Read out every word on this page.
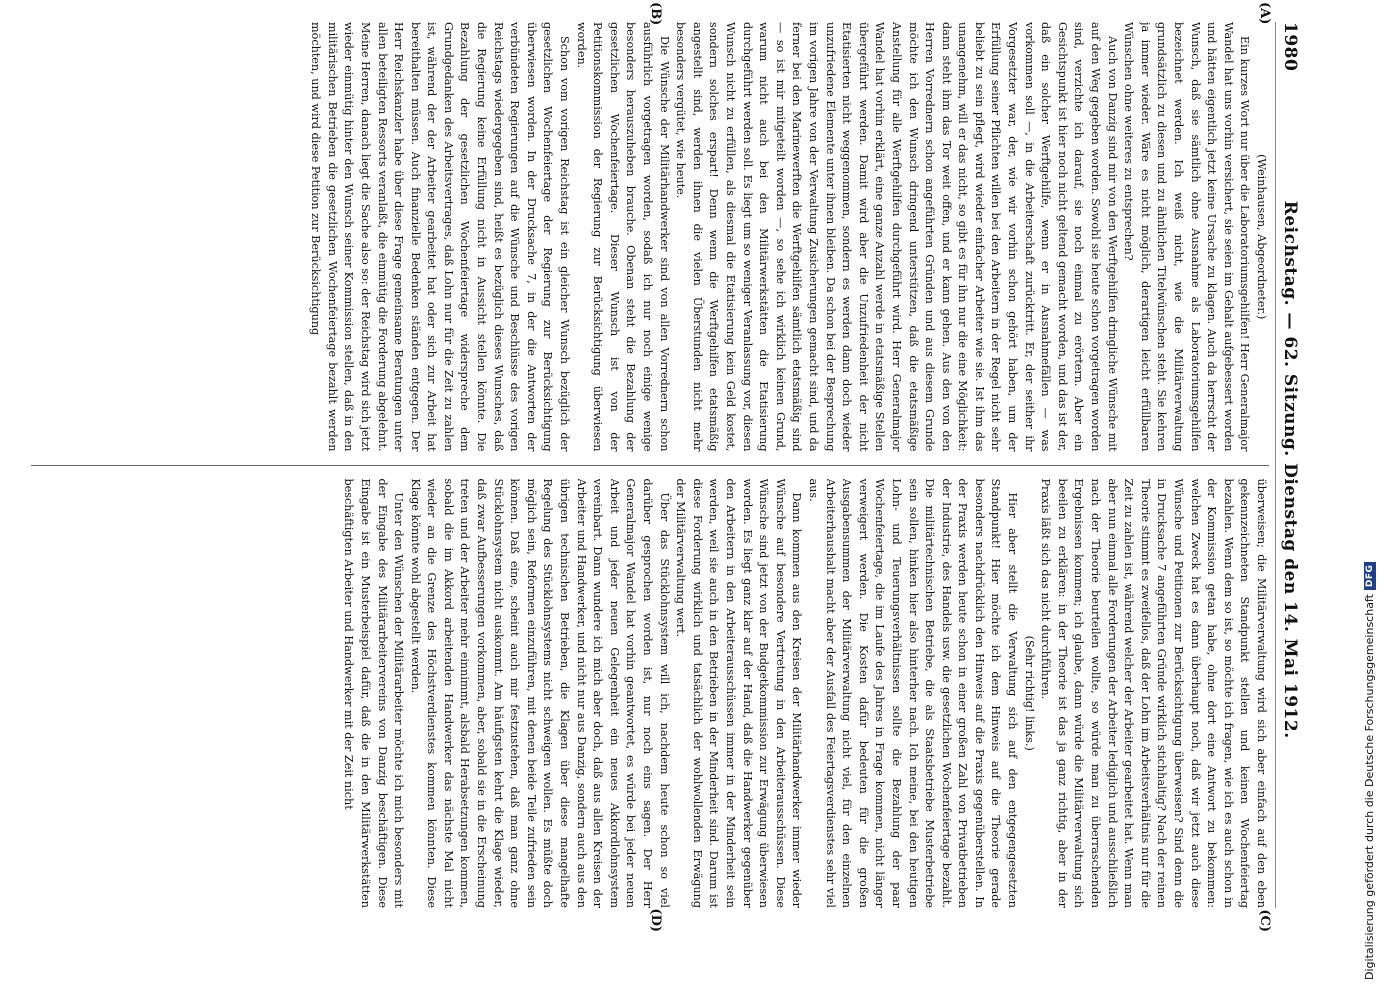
1980
Reichstag. — 62. Sitzung. Dienstag den 14. Mai 1912.

(Weinhausen, Abgeordneter.)

Ein kurzes Wort nur über die Laboratoriumsgehilfen! Herr Generalmajor Wandel hat uns vorhin versichert, sie seien im Gehalt aufgebessert worden und hätten eigentlich jetzt keine Ursache zu klagen. Auch da herrscht der Wunsch, daß sie sämtlich ohne Ausnahme als Laboratoriumsgehilfen bezeichnet werden. Ich weiß nicht, wie die Militärverwaltung grundsätzlich zu diesen und zu ähnlichen Titelwünschen steht. Sie kehren ja immer wieder. Wäre es nicht möglich, derartigen leicht erfüllbaren Wünschen ohne weiteres zu entsprechen?

Auch von Danzig sind mir von den Werftgehilfen dringliche Wünsche mit auf den Weg gegeben worden. Sowohl sie heute schon vorgetragen worden sind, verzichte ich darauf, sie noch einmal zu erörtern. Aber ein Gesichtspunkt ist hier noch nicht geltend gemacht worden, und das ist der, daß ein solcher Werftgehilfe, wenn er in Ausnahmefällen — was vorkommen soll —, in die Arbeiterschaft zurücktritt. Er, der seither ihr Vorgesetzter war, der, wie wir vorhin schon gehört haben, um der Erfüllung seiner Pflichten willen bei den Arbeitern in der Regel nicht sehr beliebt zu sein pflegt, wird wieder einfacher Arbeiter wie sie. Ist ihm das unangenehm, will er das nicht, so gibt es für ihn nur die eine Möglichkeit: dann steht ihm das Tor weit offen, und er kann gehen. Aus den von den Herren Vorrednern schon angeführten Gründen und aus diesem Grunde möchte ich den Wunsch dringend unterstützen, daß die etatsmäßige Anstellung für alle Werftgehilfen durchgeführt wird. Herr Generalmajor Wandel hat vorhin erklärt, eine ganze Anzahl werde in etatsmäßige Stellen übergeführt werden. Damit wird aber die Unzufriedenheit der nicht Etatisierten nicht weggenommen, sondern es werden dann doch wieder unzufriedene Elemente unter ihnen bleiben. Da schon bei der Besprechung im vorigen Jahre von der Verwaltung Zusicherungen gemacht sind, und da ferner bei den Marinewerften die Werftgehilfen sämtlich etatsmäßig sind — so ist mir mitgeteilt worden —, so sehe ich wirklich keinen Grund, warum nicht auch bei den Militärwerkstätten die Etatisierung durchgeführt werden soll. Es liegt um so weniger Veranlassung vor, diesen Wunsch nicht zu erfüllen, als diesmal die Etatisierung kein Geld kostet, sondern solches erspart! Denn wenn die Werftgehilfen etatsmäßig angestellt sind, werden ihnen die vielen Überstunden nicht mehr besonders vergütet, wie heute.

Die Wünsche der Militärhandwerker sind von allen Vorrednern schon ausführlich vorgetragen worden, sodaß ich nur noch einige wenige besonders herauszuheben brauche. Obenan steht die Bezahlung der gesetzlichen Wochenfeiertage. Dieser Wunsch ist von der Petitionskommission der Regierung zur Berücksichtigung überwiesen worden.

Schon vom vorigen Reichstag ist ein gleicher Wunsch bezüglich der gesetzlichen Wochenfeiertage der Regierung zur Berücksichtigung überwiesen worden. In der Drucksache 7, in der die Antworten der verbündeten Regierungen auf die Wünsche und Beschlüsse des vorigen Reichstags wiedergegeben sind, heißt es bezüglich dieses Wunsches, daß die Regierung keine Erfüllung nicht in Aussicht stellen könnte. Die Bezahlung der gesetzlichen Wochenfeiertage widerspreche dem Grundgedanken des Arbeitsvertrages, daß Lohn nur für die Zeit zu zahlen ist, während der der Arbeiter gearbeitet hat oder sich zur Arbeit hat bereithalten müssen. Auch finanzielle Bedenken ständen entgegen. Der Herr Reichskanzler habe über diese Frage gemeinsame Beratungen unter allen beteiligten Ressorts veranlaßt, die einmütig die Forderung abgelehnt. Meine Herren, danach liegt die Sache also so: der Reichstag wird sich jetzt wieder einmütig hinter den Wunsch seiner Kommission stellen, daß in den militärischen Betrieben die gesetzlichen Wochenfeiertage bezahlt werden möchten, und wird diese Petition zur Berücksichtigung

überweisen; die Militärverwaltung wird sich aber einfach auf den eben gekennzeichneten Standpunkt stellen und keinen Wochenfeiertag bezahlen. Wenn dem so ist, so möchte ich fragen, wie ich es auch schon in der Kommission getan habe, ohne dort eine Antwort zu bekommen: welchen Zweck hat es dann überhaupt noch, daß wir jetzt auch diese Wünsche und Petitionen zur Berücksichtigung überweisen? Sind denn die in Drucksache 7 angeführten Gründe wirklich stichhaltig? Nach der reinen Theorie stimmt es zweifellos, daß der Lohn im Arbeitsverhältnis nur für die Zeit zu zahlen ist, während welcher der Arbeiter gearbeitet hat. Wenn man aber nun einmal alle Forderungen der Arbeiter lediglich und ausschließlich nach der Theorie beurteilen wollte, so würde man zu überraschenden Ergebnissen kommen; ich glaube, dann würde die Militärverwaltung sich beeilen zu erklären: in der Theorie ist das ja ganz richtig, aber in der Praxis läßt sich das nicht durchführen.

(Sehr richtig! links.)

Hier aber stellt die Verwaltung sich auf den entgegengesetzten Standpunkt! Hier möchte ich dem Hinweis auf die Theorie gerade besonders nachdrücklich den Hinweis auf die Praxis gegenüberstellen. In der Praxis werden heute schon in einer großen Zahl von Privatbetrieben der Industrie, des Handels usw. die gesetzlichen Wochenfeiertage bezahlt. Die militärtechnischen Betriebe, die als Staatsbetriebe Musterbetriebe sein sollen, hinken hier also hinterher nach. Ich meine, bei den heutigen Lohn- und Teuerungsverhältnissen sollte die Bezahlung der paar Wochenfeiertage, die im Laufe des Jahres in Frage kommen, nicht länger verweigert werden. Die Kosten dafür bedeuten für die großen Ausgabensummen der Militärverwaltung nicht viel, für den einzelnen Arbeiterhaushalt macht aber der Ausfall des Feiertagsverdienstes sehr viel aus.

Dann kommen aus den Kreisen der Militärhandwerker immer wieder Wünsche auf besondere Vertretung in den Arbeiterausschüssen. Diese Wünsche sind jetzt von der Budgetkommission zur Erwägung überwiesen worden. Es liegt ganz klar auf der Hand, daß die Handwerker gegenüber den Arbeitern in den Arbeiterausschüssen immer in der Minderheit sein werden, weil sie auch in den Betrieben in der Minderheit sind. Darum ist diese Forderung wirklich und tatsächlich der wohlwollenden Erwägung der Militärverwaltung wert.

Über das Stücklohnsystem will ich, nachdem heute schon so viel darüber gesprochen worden ist, nur noch eins sagen. Der Herr Generalmajor Wandel hat vorhin geantwortet, es würde bei jeder neuen Arbeit und jeder neuen Gelegenheit ein neues Akkordlohnsystem vereinbart. Dann wundere ich mich aber doch, daß aus allen Kreisen der Arbeiter und Handwerker, und nicht nur aus Danzig, sondern auch aus den übrigen technischen Betrieben, die Klagen über diese mangelhafte Regelung des Stücklohnsystems nicht schweigen wollen. Es müßte doch möglich sein, Reformen einzuführen, mit denen beide Teile zufrieden sein können. Daß eine, scheint auch mir festzustehen, daß man ganz ohne Stücklohnsystem nicht auskommt. Am häufigsten kehrt die Klage wieder, daß zwar Aufbesserungen vorkommen, aber, sobald sie in die Erscheinung treten und der Arbeiter mehr einnimmt, alsbald Herabsetzungen kommen, sobald die im Akkord arbeitenden Handwerker das nächste Mal nicht wieder an die Grenze des Höchstverdienstes kommen könnten. Diese Klage könnte wohl abgestellt werden.

Unter den Wünschen der Militärarbeiter möchte ich mich besonders mit der Eingabe des Militärarbeitervereins von Danzig beschäftigen. Diese Eingabe ist ein Musterbeispiel dafür, daß die in den Militärwerkstätten beschäftigten Arbeiter und Handwerker mit der Zeit nicht

(A)
(B)
(C)
(D)	Digitalisierung gefördert durch die Deutsche Forschungsgemeinschaft
DFG
